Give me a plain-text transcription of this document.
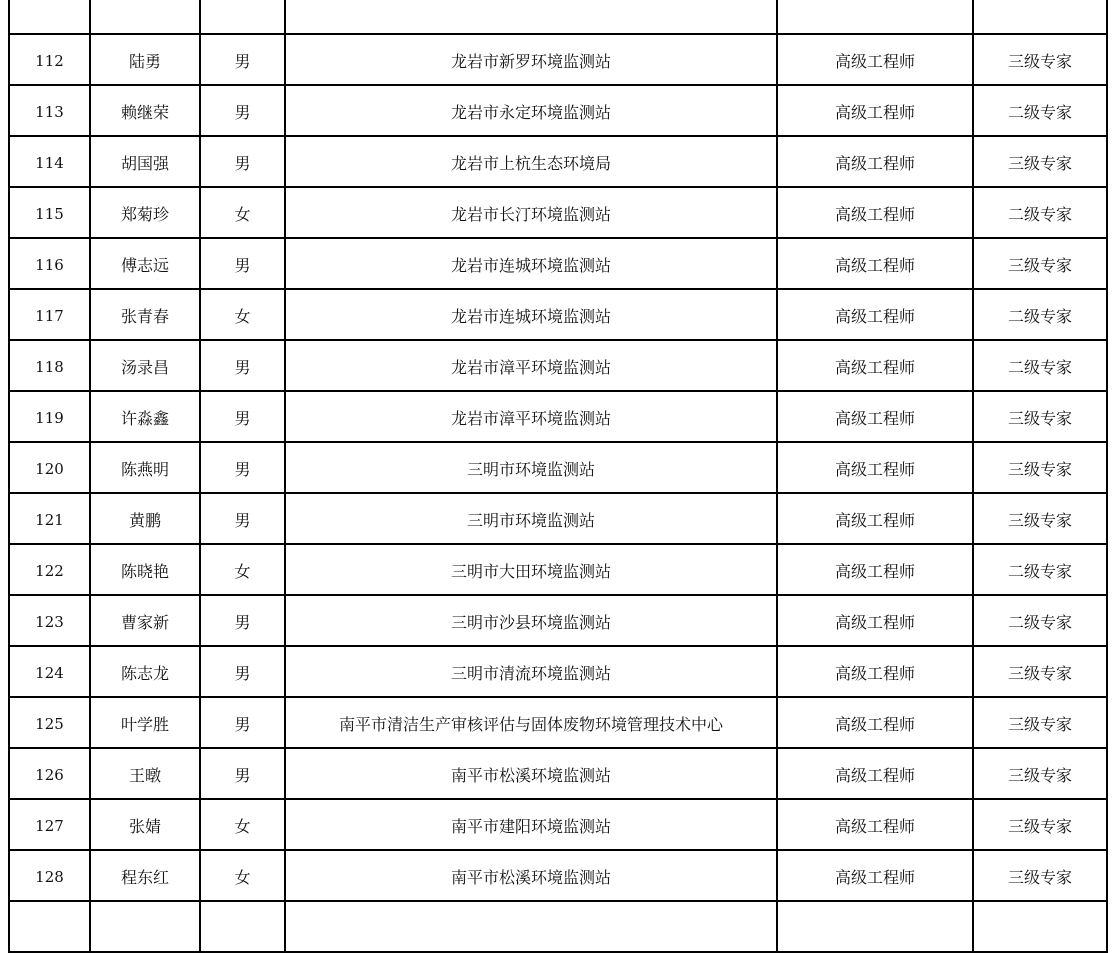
112	陆勇	男	龙岩市新罗环境监测站	高级工程师	三级专家
113	赖继荣	男	龙岩市永定环境监测站	高级工程师	二级专家
114	胡国强	男	龙岩市上杭生态环境局	高级工程师	三级专家
115	郑菊珍	女	龙岩市长汀环境监测站	高级工程师	二级专家
116	傅志远	男	龙岩市连城环境监测站	高级工程师	三级专家
117	张青春	女	龙岩市连城环境监测站	高级工程师	二级专家
118	汤录昌	男	龙岩市漳平环境监测站	高级工程师	二级专家
119	许淼鑫	男	龙岩市漳平环境监测站	高级工程师	三级专家
120	陈燕明	男	三明市环境监测站	高级工程师	三级专家
121	黄鹏	男	三明市环境监测站	高级工程师	三级专家
122	陈晓艳	女	三明市大田环境监测站	高级工程师	二级专家
123	曹家新	男	三明市沙县环境监测站	高级工程师	二级专家
124	陈志龙	男	三明市清流环境监测站	高级工程师	三级专家
125	叶学胜	男	南平市清洁生产审核评估与固体废物环境管理技术中心	高级工程师	三级专家
126	王暾	男	南平市松溪环境监测站	高级工程师	三级专家
127	张婧	女	南平市建阳环境监测站	高级工程师	三级专家
128	程东红	女	南平市松溪环境监测站	高级工程师	三级专家
